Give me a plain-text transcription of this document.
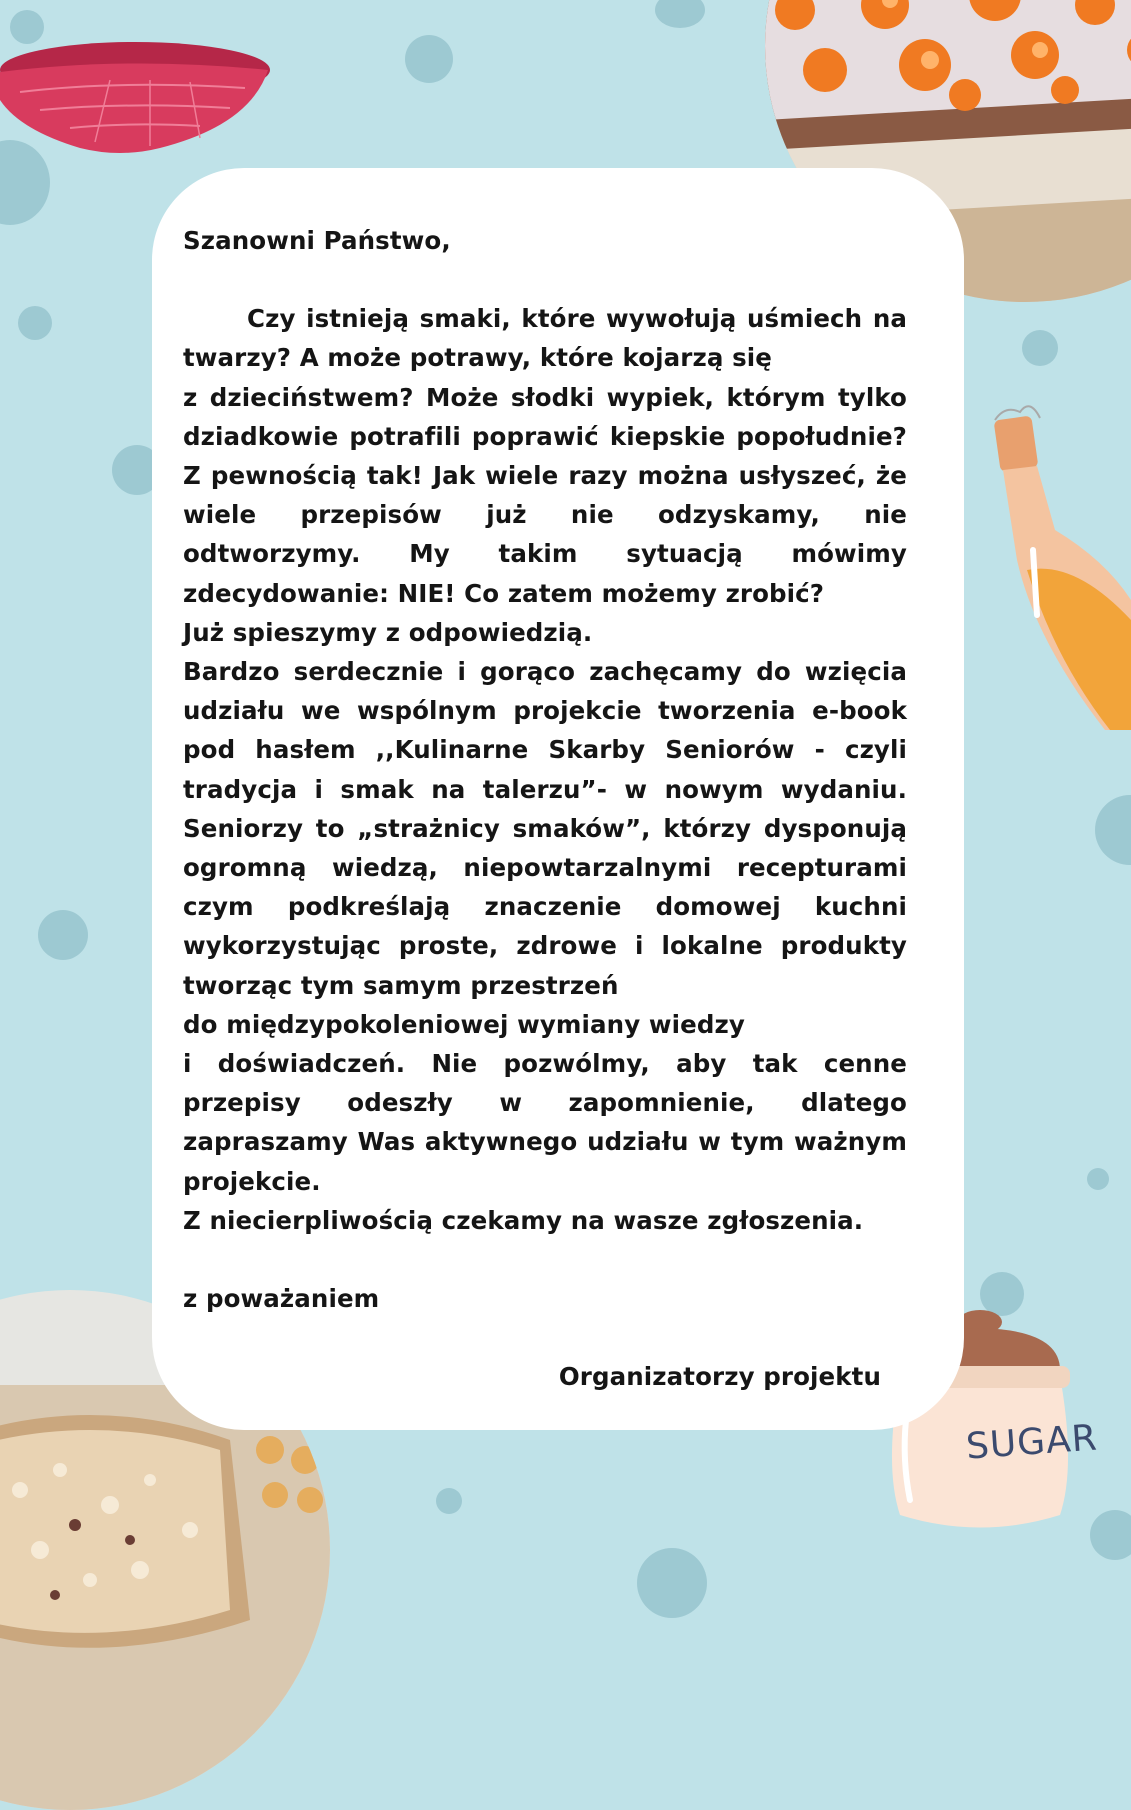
SUGAR

Szanowni Państwo,

Czy istnieją smaki, które wywołują uśmiech na twarzy? A może potrawy, które kojarzą się

z dzieciństwem? Może słodki wypiek, którym tylko dziadkowie potrafili poprawić kiepskie popołudnie? Z pewnością tak! Jak wiele razy można usłyszeć, że wiele przepisów już nie odzyskamy, nie odtworzymy. My takim sytuacją mówimy zdecydowanie: NIE! Co zatem możemy zrobić?

Już spieszymy z odpowiedzią.

Bardzo serdecznie i gorąco zachęcamy do wzięcia udziału we wspólnym projekcie tworzenia e-book pod hasłem ,,Kulinarne Skarby Seniorów - czyli tradycja i smak na talerzu”- w nowym wydaniu. Seniorzy to „strażnicy smaków”, którzy dysponują ogromną wiedzą, niepowtarzalnymi recepturami czym podkreślają znaczenie domowej kuchni wykorzystując proste, zdrowe i lokalne produkty tworząc tym samym przestrzeń

do międzypokoleniowej wymiany wiedzy

i doświadczeń. Nie pozwólmy, aby tak cenne przepisy odeszły w zapomnienie, dlatego zapraszamy Was aktywnego udziału w tym ważnym projekcie.

Z niecierpliwością czekamy na wasze zgłoszenia.

z poważaniem

Organizatorzy projektu
